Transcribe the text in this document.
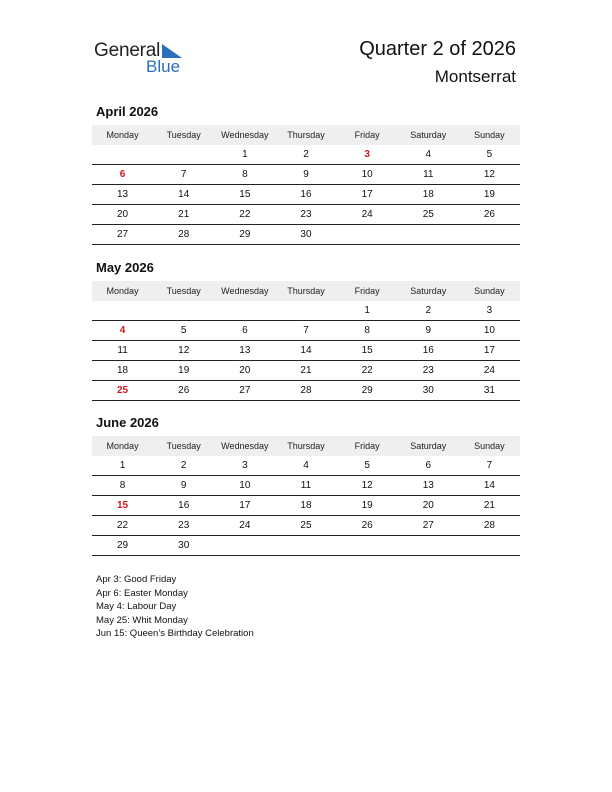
General
Blue
Quarter 2 of 2026
Montserrat
April 2026
Monday	Tuesday	Wednesday	Thursday	Friday	Saturday	Sunday
		1	2	3	4	5
6	7	8	9	10	11	12
13	14	15	16	17	18	19
20	21	22	23	24	25	26
27	28	29	30			
May 2026
Monday	Tuesday	Wednesday	Thursday	Friday	Saturday	Sunday
				1	2	3
4	5	6	7	8	9	10
11	12	13	14	15	16	17
18	19	20	21	22	23	24
25	26	27	28	29	30	31
June 2026
Monday	Tuesday	Wednesday	Thursday	Friday	Saturday	Sunday
1	2	3	4	5	6	7
8	9	10	11	12	13	14
15	16	17	18	19	20	21
22	23	24	25	26	27	28
29	30					
Apr 3: Good Friday
Apr 6: Easter Monday
May 4: Labour Day
May 25: Whit Monday
Jun 15: Queen’s Birthday Celebration
